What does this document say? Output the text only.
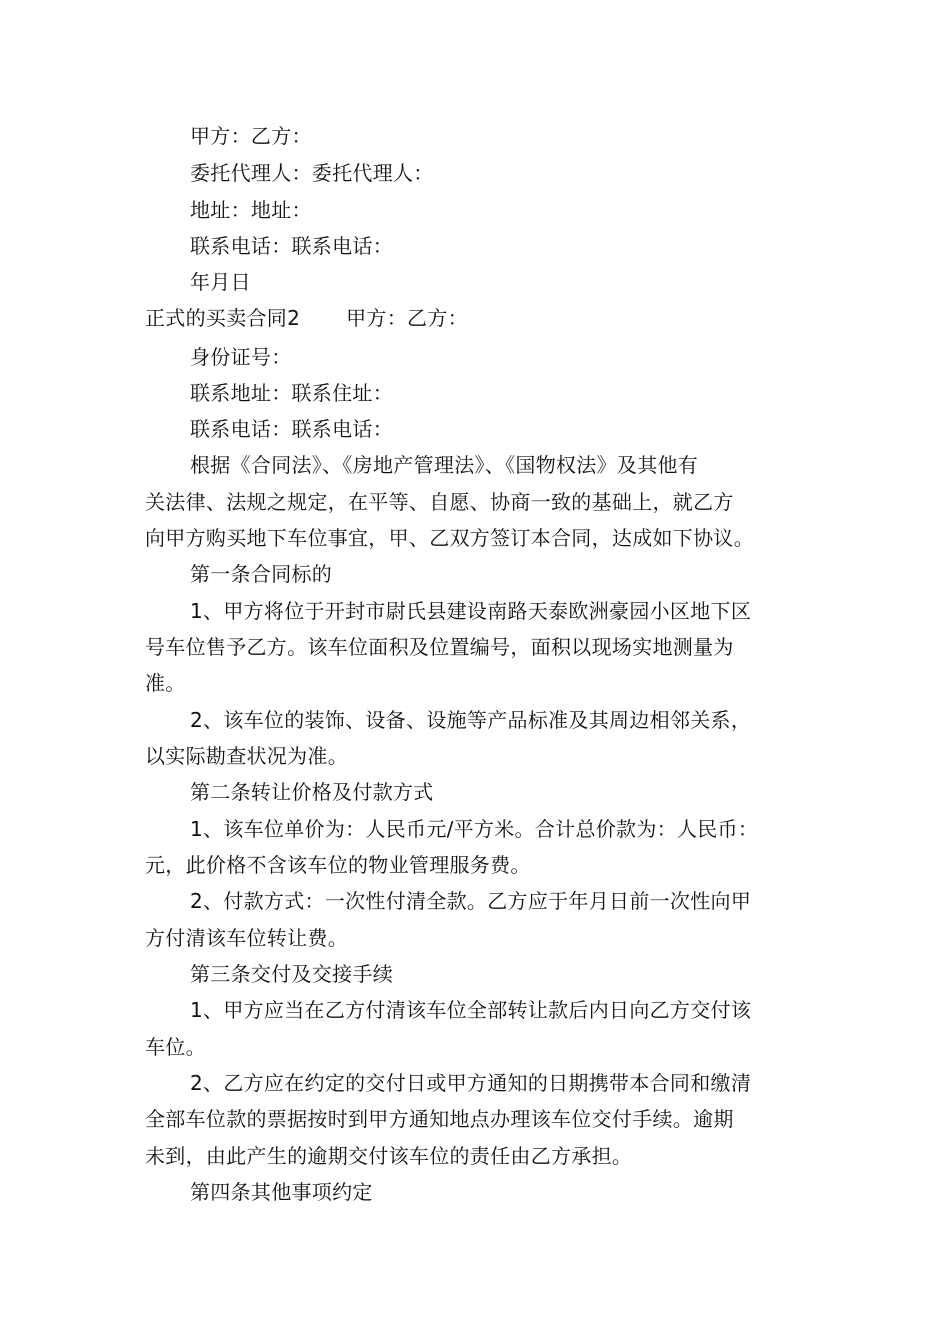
甲方：乙方：
委托代理人：委托代理人：
地址：地址：
联系电话：联系电话：
年月日
正式的买卖合同2 甲方：乙方：
身份证号：
联系地址：联系住址：
联系电话：联系电话：
根据《合同法》、《房地产管理法》、《国物权法》及其他有
关法律、法规之规定，在平等、自愿、协商一致的基础上，就乙方
向甲方购买地下车位事宜，甲、乙双方签订本合同，达成如下协议。
第一条合同标的
1、甲方将位于开封市尉氏县建设南路天泰欧洲豪园小区地下区
号车位售予乙方。该车位面积及位置编号，面积以现场实地测量为
准。
2、该车位的装饰、设备、设施等产品标准及其周边相邻关系，
以实际勘查状况为准。
第二条转让价格及付款方式
1、该车位单价为：人民币元/平方米。合计总价款为：人民币：
元，此价格不含该车位的物业管理服务费。
2、付款方式：一次性付清全款。乙方应于年月日前一次性向甲
方付清该车位转让费。
第三条交付及交接手续
1、甲方应当在乙方付清该车位全部转让款后内日向乙方交付该
车位。
2、乙方应在约定的交付日或甲方通知的日期携带本合同和缴清
全部车位款的票据按时到甲方通知地点办理该车位交付手续。逾期
未到，由此产生的逾期交付该车位的责任由乙方承担。
第四条其他事项约定
